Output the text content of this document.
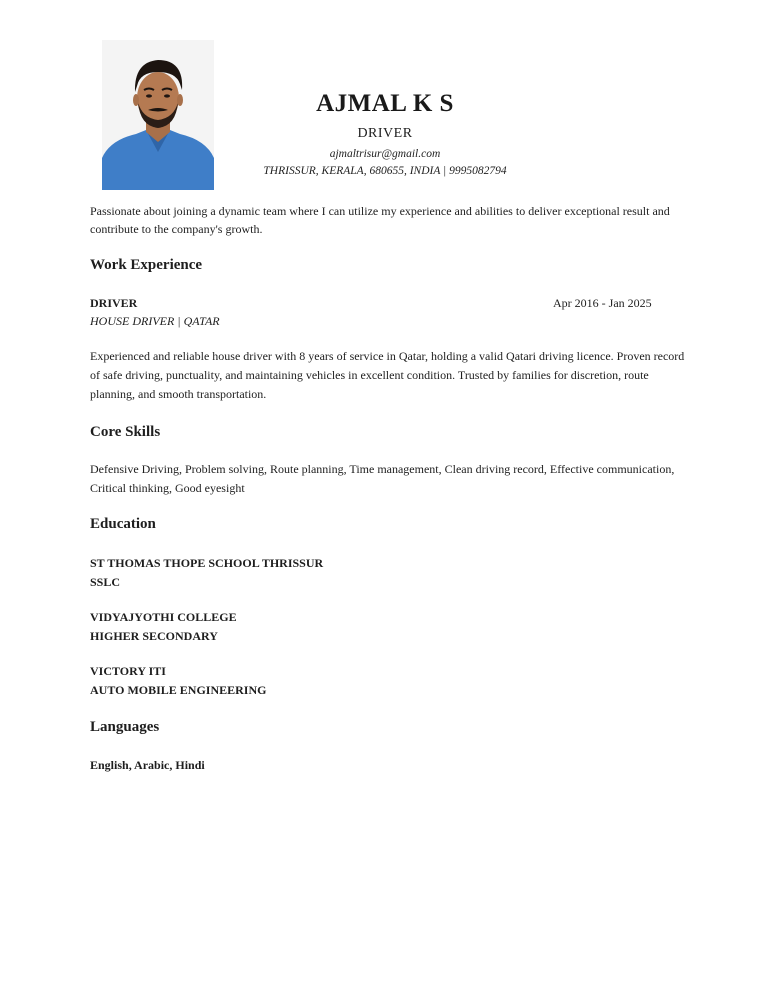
AJMAL K S
DRIVER
ajmaltrisur@gmail.com
THRISSUR, KERALA, 680655, INDIA | 9995082794
Passionate about joining a dynamic team where I can utilize my experience and abilities to deliver exceptional result and contribute to the company's growth.
Work Experience
DRIVER	Apr 2016 - Jan 2025
HOUSE DRIVER | QATAR
Experienced and reliable house driver with 8 years of service in Qatar, holding a valid Qatari driving licence. Proven record of safe driving, punctuality, and maintaining vehicles in excellent condition. Trusted by families for discretion, route planning, and smooth transportation.
Core Skills
Defensive Driving, Problem solving, Route planning, Time management, Clean driving record, Effective communication, Critical thinking, Good eyesight
Education
ST THOMAS THOPE SCHOOL THRISSUR
SSLC
VIDYAJYOTHI COLLEGE
HIGHER SECONDARY
VICTORY ITI
AUTO MOBILE ENGINEERING
Languages
English, Arabic, Hindi
